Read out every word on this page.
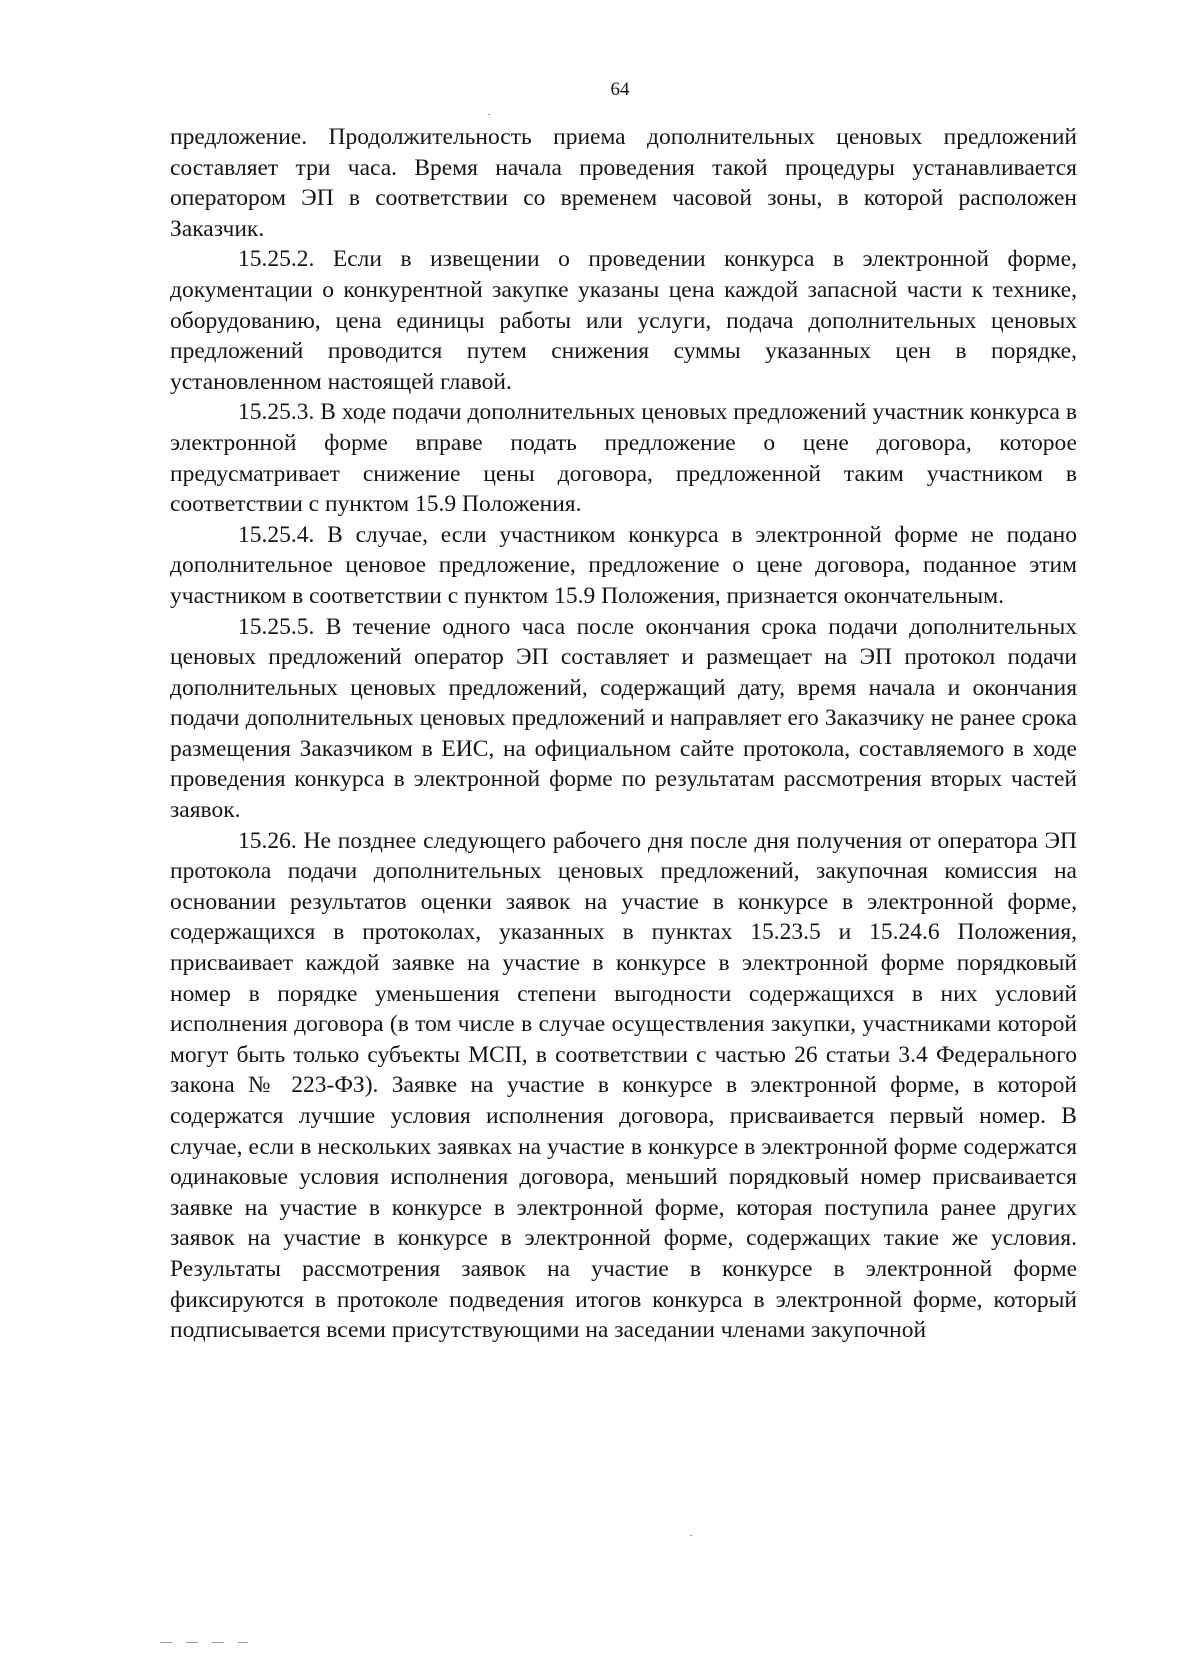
64

предложение. Продолжительность приема дополнительных ценовых предложений составляет три часа. Время начала проведения такой процедуры устанавливается оператором ЭП в соответствии со временем часовой зоны, в которой расположен Заказчик.

15.25.2. Если в извещении о проведении конкурса в электронной форме, документации о конкурентной закупке указаны цена каждой запасной части к технике, оборудованию, цена единицы работы или услуги, подача дополнительных ценовых предложений проводится путем снижения суммы указанных цен в порядке, установленном настоящей главой.

15.25.3. В ходе подачи дополнительных ценовых предложений участник конкурса в электронной форме вправе подать предложение о цене договора, которое предусматривает снижение цены договора, предложенной таким участником в соответствии с пунктом 15.9 Положения.

15.25.4. В случае, если участником конкурса в электронной форме не подано дополнительное ценовое предложение, предложение о цене договора, поданное этим участником в соответствии с пунктом 15.9 Положения, признается окончательным.

15.25.5. В течение одного часа после окончания срока подачи дополнительных ценовых предложений оператор ЭП составляет и размещает на ЭП протокол подачи дополнительных ценовых предложений, содержащий дату, время начала и окончания подачи дополнительных ценовых предложений и направляет его Заказчику не ранее срока размещения Заказчиком в ЕИС, на официальном сайте протокола, составляемого в ходе проведения конкурса в электронной форме по результатам рассмотрения вторых частей заявок.

15.26. Не позднее следующего рабочего дня после дня получения от оператора ЭП протокола подачи дополнительных ценовых предложений, закупочная комиссия на основании результатов оценки заявок на участие в конкурсе в электронной форме, содержащихся в протоколах, указанных в пунктах 15.23.5 и 15.24.6 Положения, присваивает каждой заявке на участие в конкурсе в электронной форме порядковый номер в порядке уменьшения степени выгодности содержащихся в них условий исполнения договора (в том числе в случае осуществления закупки, участниками которой могут быть только субъекты МСП, в соответствии с частью 26 статьи 3.4 Федерального закона № 223-ФЗ). Заявке на участие в конкурсе в электронной форме, в которой содержатся лучшие условия исполнения договора, присваивается первый номер. В случае, если в нескольких заявках на участие в конкурсе в электронной форме содержатся одинаковые условия исполнения договора, меньший порядковый номер присваивается заявке на участие в конкурсе в электронной форме, которая поступила ранее других заявок на участие в конкурсе в электронной форме, содержащих такие же условия. Результаты рассмотрения заявок на участие в конкурсе в электронной форме фиксируются в протоколе подведения итогов конкурса в электронной форме, который подписывается всеми присутствующими на заседании членами закупочной
